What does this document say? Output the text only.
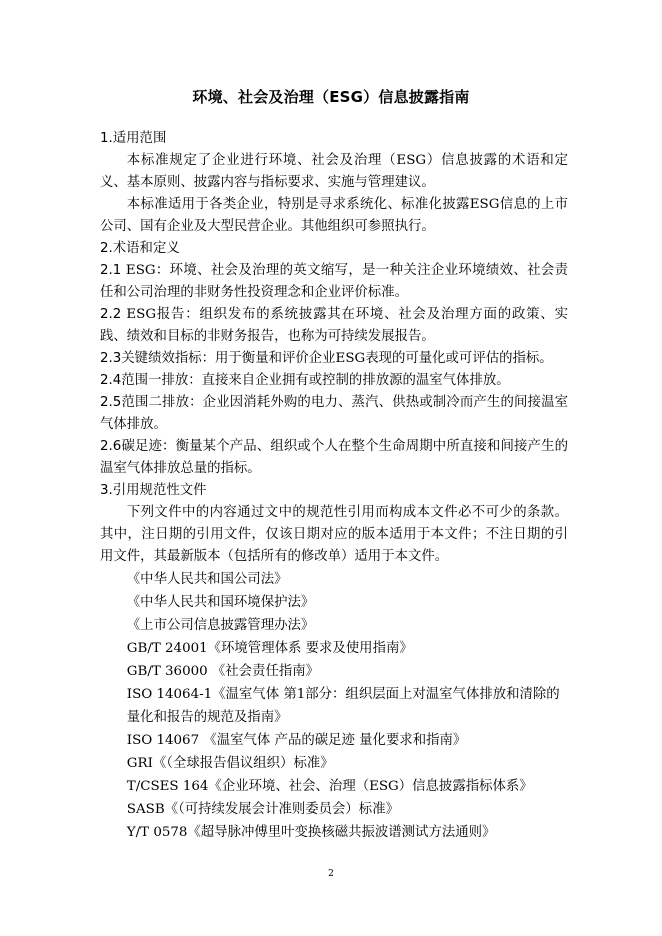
环境、社会及治理（ESG）信息披露指南
1.适用范围

本标准规定了企业进行环境、社会及治理（ESG）信息披露的术语和定义、基本原则、披露内容与指标要求、实施与管理建议。

本标准适用于各类企业，特别是寻求系统化、标准化披露ESG信息的上市公司、国有企业及大型民营企业。其他组织可参照执行。

2.术语和定义

2.1 ESG：环境、社会及治理的英文缩写，是一种关注企业环境绩效、社会责任和公司治理的非财务性投资理念和企业评价标准。

2.2 ESG报告：组织发布的系统披露其在环境、社会及治理方面的政策、实践、绩效和目标的非财务报告，也称为可持续发展报告。

2.3关键绩效指标：用于衡量和评价企业ESG表现的可量化或可评估的指标。

2.4范围一排放：直接来自企业拥有或控制的排放源的温室气体排放。

2.5范围二排放：企业因消耗外购的电力、蒸汽、供热或制冷而产生的间接温室气体排放。

2.6碳足迹：衡量某个产品、组织或个人在整个生命周期中所直接和间接产生的温室气体排放总量的指标。

3.引用规范性文件

下列文件中的内容通过文中的规范性引用而构成本文件必不可少的条款。其中，注日期的引用文件，仅该日期对应的版本适用于本文件；不注日期的引用文件，其最新版本（包括所有的修改单）适用于本文件。

《中华人民共和国公司法》

《中华人民共和国环境保护法》

《上市公司信息披露管理办法》

GB/T 24001《环境管理体系 要求及使用指南》

GB/T 36000 《社会责任指南》

ISO 14064-1《温室气体 第1部分：组织层面上对温室气体排放和清除的量化和报告的规范及指南》

ISO 14067 《温室气体 产品的碳足迹 量化要求和指南》

GRI《（全球报告倡议组织）标准》

T/CSES 164《企业环境、社会、治理（ESG）信息披露指标体系》

SASB《（可持续发展会计准则委员会）标准》

Y/T 0578《超导脉冲傅里叶变换核磁共振波谱测试方法通则》

2
